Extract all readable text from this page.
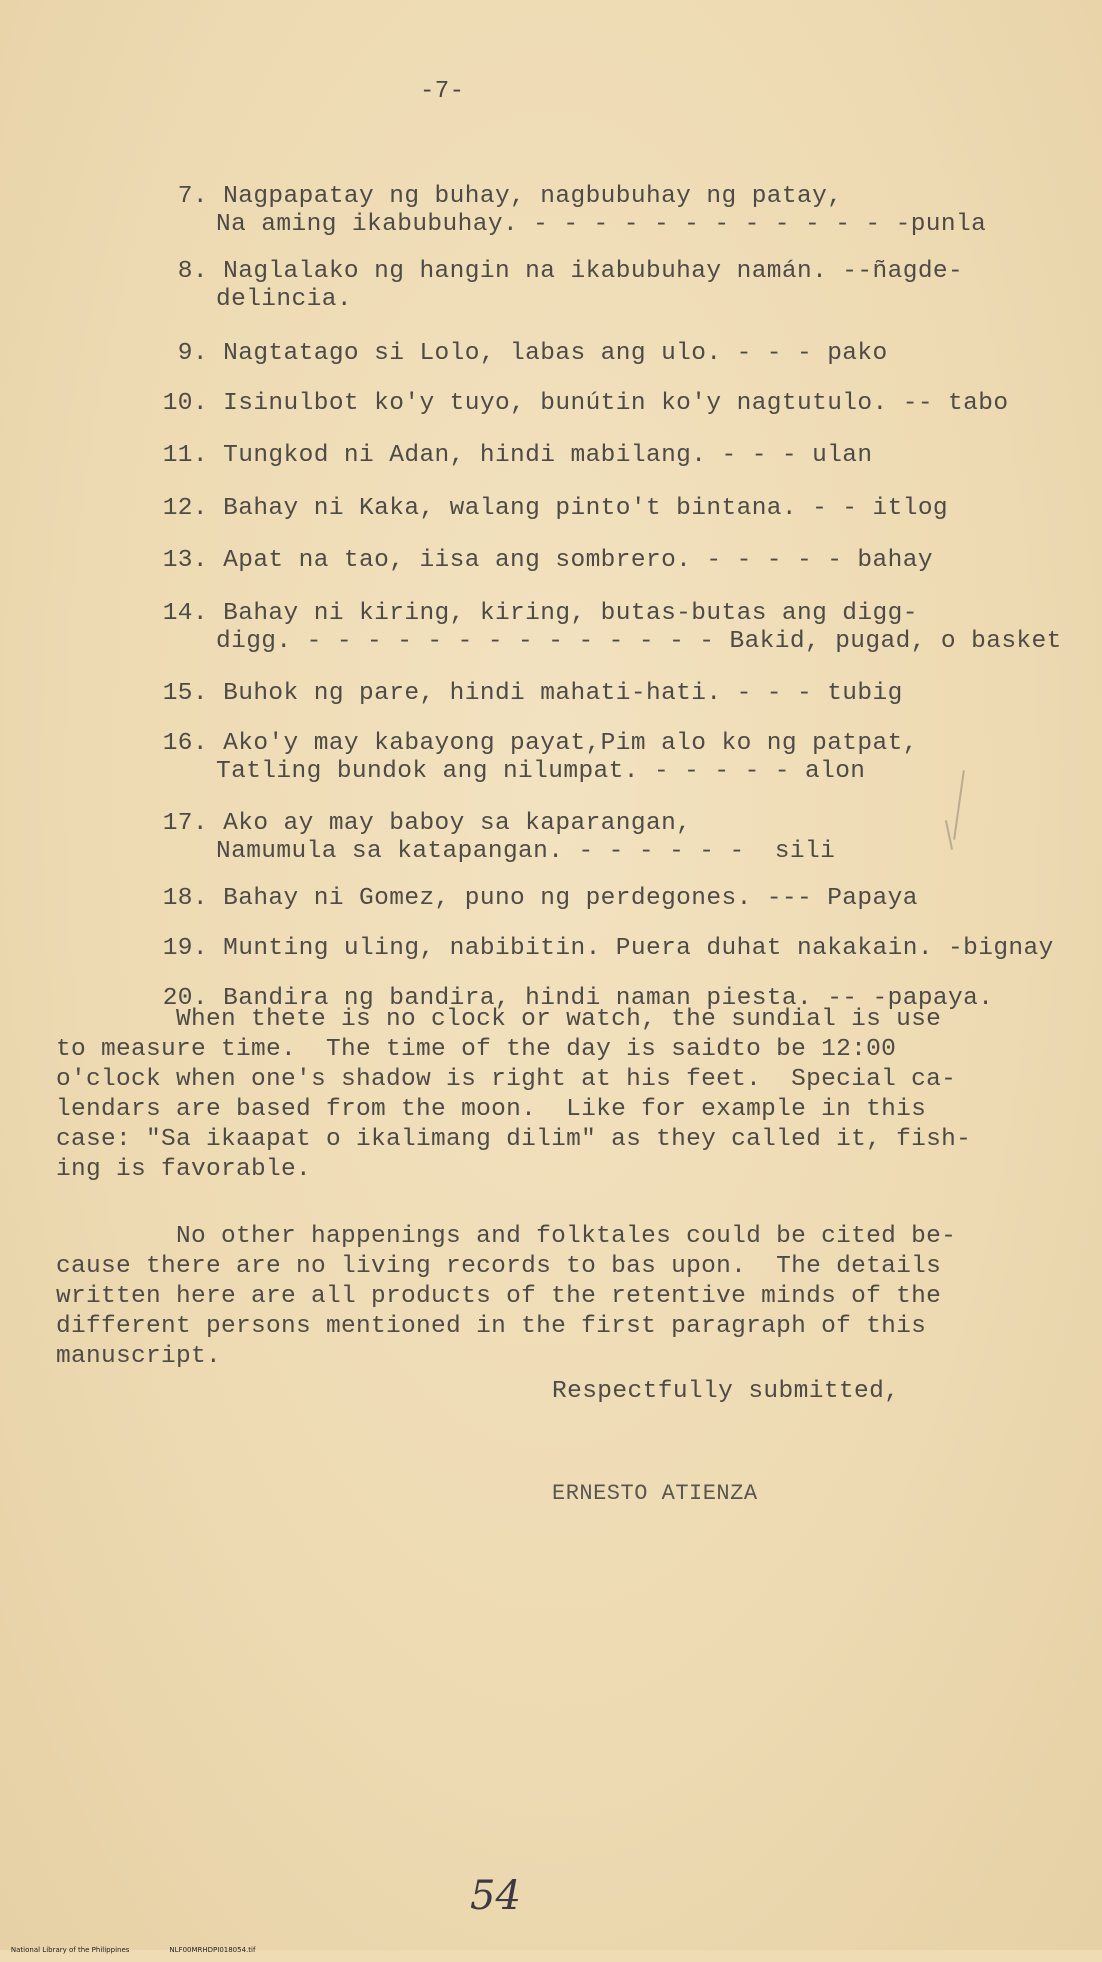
-7-
7. Nagpapatay ng buhay, nagbubuhay ng patay,
Na aming ikabubuhay. - - - - - - - - - - - - -punla
8. Naglalako ng hangin na ikabubuhay namán. --ñagde-
delincia.
9. Nagtatago si Lolo, labas ang ulo. - - - pako
10. Isinulbot ko'y tuyo, bunútin ko'y nagtutulo. -- tabo
11. Tungkod ni Adan, hindi mabilang. - - - ulan
12. Bahay ni Kaka, walang pinto't bintana. - - itlog
13. Apat na tao, iisa ang sombrero. - - - - - bahay
14. Bahay ni kiring, kiring, butas-butas ang digg-
digg. - - - - - - - - - - - - - - Bakid, pugad, o basket
15. Buhok ng pare, hindi mahati-hati. - - - tubig
16. Ako'y may kabayong payat,Pim alo ko ng patpat,
Tatling bundok ang nilumpat. - - - - - alon
17. Ako ay may baboy sa kaparangan,
Namumula sa katapangan. - - - - - -  sili
18. Bahay ni Gomez, puno ng perdegones. --- Papaya
19. Munting uling, nabibitin. Puera duhat nakakain. -bignay
20. Bandira ng bandira, hindi naman piesta. -- -papaya.
When thete is no clock or watch, the sundial is use
to measure time.  The time of the day is saidto be 12:00
o'clock when one's shadow is right at his feet.  Special ca-
lendars are based from the moon.  Like for example in this
case: "Sa ikaapat o ikalimang dilim" as they called it, fish-
ing is favorable.
No other happenings and folktales could be cited be-
cause there are no living records to bas upon.  The details
written here are all products of the retentive minds of the
different persons mentioned in the first paragraph of this
manuscript.
Respectfully submitted,
ERNESTO ATIENZA
54

National Library of the Philippines	NLF00MRHDPI018054.tif
